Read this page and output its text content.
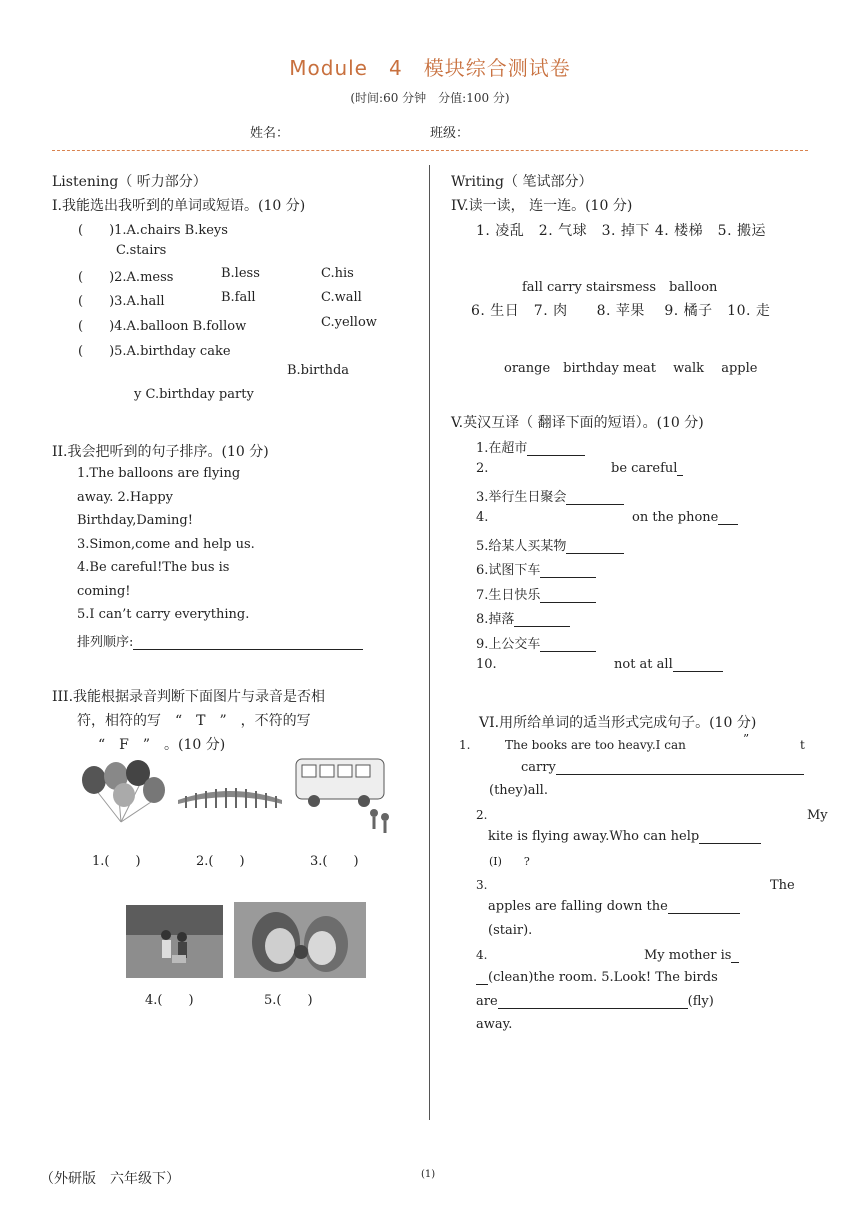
Module　4　模块综合测试卷
(时间:60 分钟　分值:100 分)
姓名：	班级：
Listening（ 听力部分）
I.我能选出我听到的单词或短语。(10 分)
(　　)1.A.chairs B.keys
C.stairs
(　　)2.A.mess	B.less	C.his
(　　)3.A.hall	B.fall	C.wall
(　　)4.A.balloon B.follow	C.yellow
(　　)5.A.birthday cake
B.birthda
y C.birthday party
II.我会把听到的句子排序。(10 分)
1.The balloons are flying
away. 2.Happy
Birthday,Daming!
3.Simon,come and help us.
4.Be careful!The bus is
coming!
5.I can’t carry everything.
排列顺序:
III.我能根据录音判断下面图片与录音是否相
符，相符的写　“　T　”　，不符的写
“　F　”　。(10 分)
1.(　　)	2.(　　)	3.(　　)
4.(　　)	5.(　　)
Writing（ 笔试部分）
IV.读一读， 连一连。(10 分)
1. 凌乱　2. 气球　3. 掉下 4. 楼梯　5. 搬运
fall carry stairsmess　balloon
6. 生日　7. 肉　　8. 苹果　 9. 橘子　10. 走
orange　birthday meat　 walk　 apple
V.英汉互译（ 翻译下面的短语）。(10 分)
1.在超市
2.	be careful
3.举行生日聚会
4.	on the phone
5.给某人买某物
6.试图下车
7.生日快乐
8.掉落
9.上公交车
10.	not at all
VI.用所给单词的适当形式完成句子。(10 分)
1.	The books are too heavy.I can	”	t
carry
(they)all.
2.	My
kite is flying away.Who can help
(I)　　?
3.	The
apples are falling down the
(stair).
4.	My mother is
(clean)the room. 5.Look! The birds
are	(fly)
away.
（外研版　六年级下）	(1)
